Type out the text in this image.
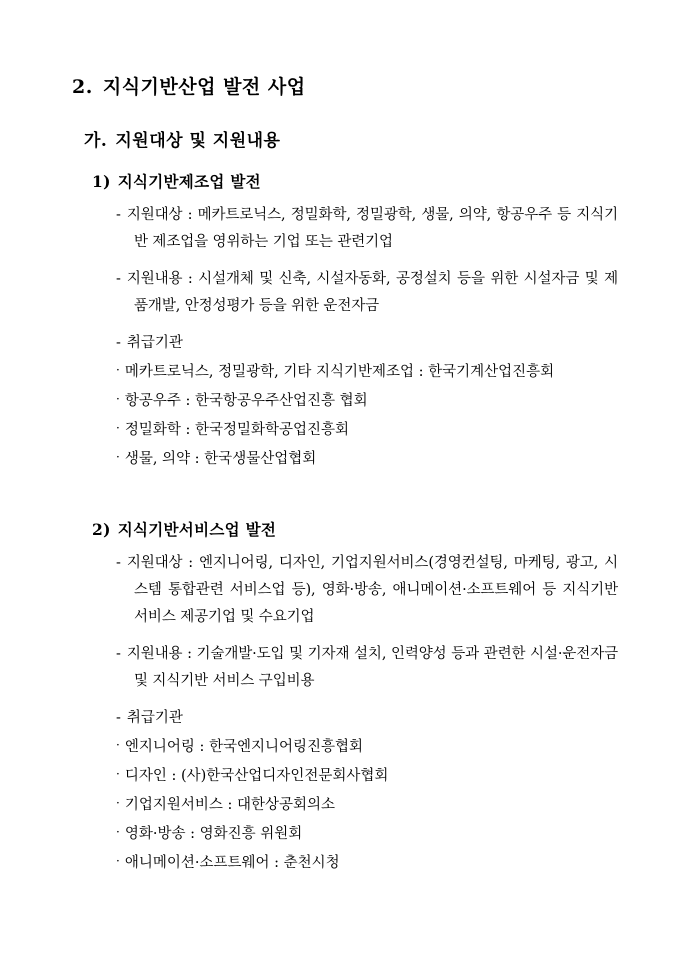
2. 지식기반산업 발전 사업
가. 지원대상 및 지원내용
1) 지식기반제조업 발전
- 지원대상 : 메카트로닉스, 정밀화학, 정밀광학, 생물, 의약, 항공우주 등 지식기반 제조업을 영위하는 기업 또는 관련기업
- 지원내용 : 시설개체 및 신축, 시설자동화, 공정설치 등을 위한 시설자금 및 제품개발, 안정성평가 등을 위한 운전자금
- 취급기관
· 메카트로닉스, 정밀광학, 기타 지식기반제조업 : 한국기계산업진흥회
· 항공우주 : 한국항공우주산업진흥 협회
· 정밀화학 : 한국정밀화학공업진흥회
· 생물, 의약 : 한국생물산업협회
2) 지식기반서비스업 발전
- 지원대상 : 엔지니어링, 디자인, 기업지원서비스(경영컨설팅, 마케팅, 광고, 시스템 통합관련 서비스업 등), 영화·방송, 애니메이션·소프트웨어 등 지식기반 서비스 제공기업 및 수요기업
- 지원내용 : 기술개발·도입 및 기자재 설치, 인력양성 등과 관련한 시설·운전자금 및 지식기반 서비스 구입비용
- 취급기관
· 엔지니어링 : 한국엔지니어링진흥협회
· 디자인 : (사)한국산업디자인전문회사협회
· 기업지원서비스 : 대한상공회의소
· 영화·방송 : 영화진흥 위원회
· 애니메이션·소프트웨어 : 춘천시청
